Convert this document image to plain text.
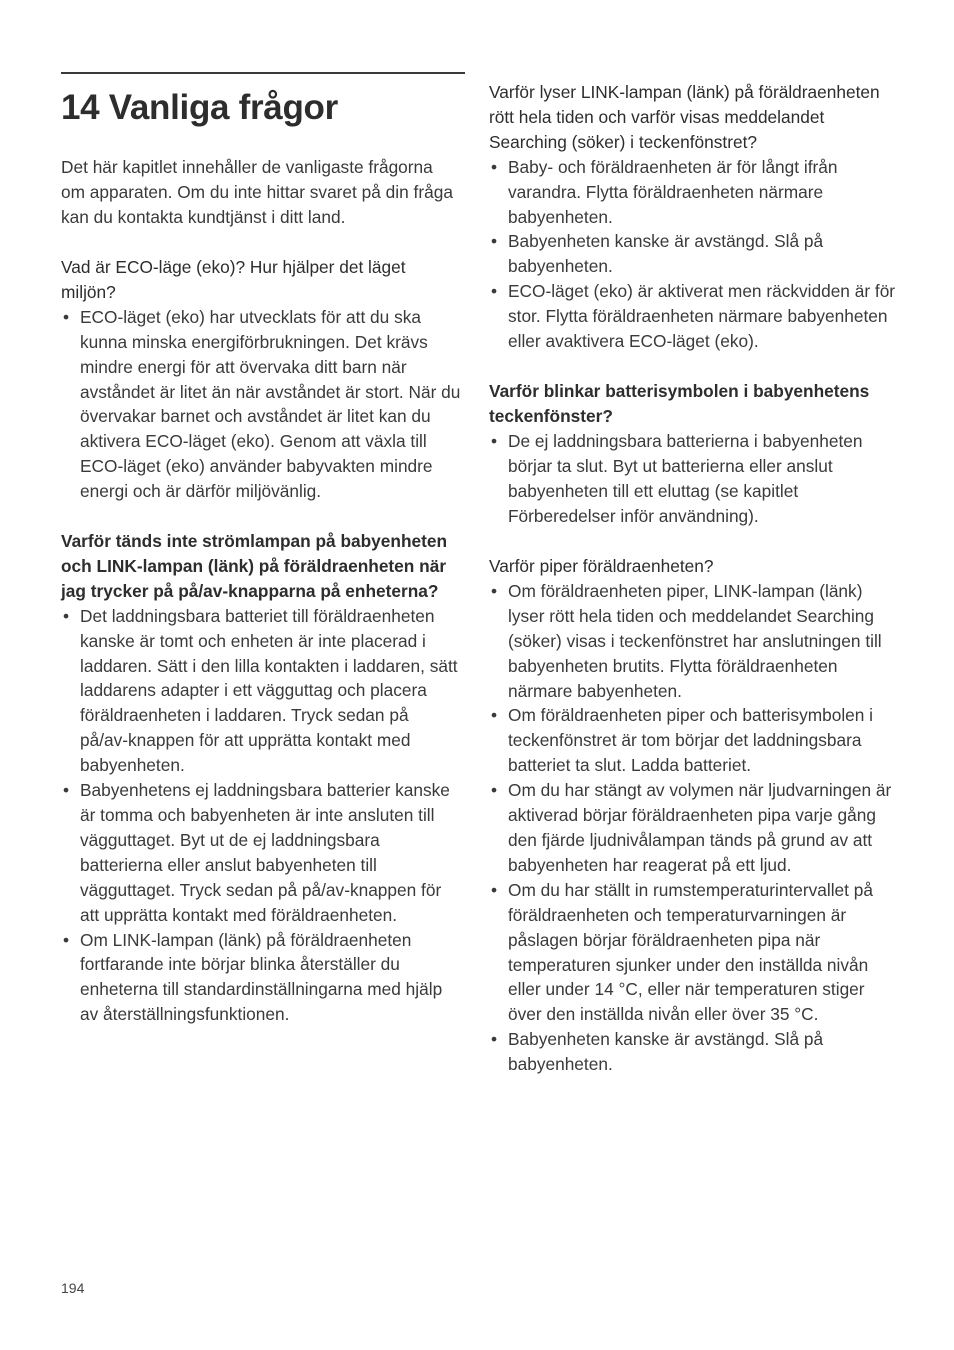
14 Vanliga frågor

Det här kapitlet innehåller de vanligaste frågorna om apparaten. Om du inte hittar svaret på din fråga kan du kontakta kundtjänst i ditt land.

Vad är ECO-läge (eko)? Hur hjälper det läget miljön?

• ECO-läget (eko) har utvecklats för att du ska kunna minska energiförbrukningen. Det krävs mindre energi för att övervaka ditt barn när avståndet är litet än när avståndet är stort. När du övervakar barnet och avståndet är litet kan du aktivera ECO-läget (eko). Genom att växla till ECO-läget (eko) använder babyvakten mindre energi och är därför miljövänlig.

Varför tänds inte strömlampan på babyenheten och LINK-lampan (länk) på föräldraenheten när jag trycker på på/av-knapparna på enheterna?

• Det laddningsbara batteriet till föräldraenheten kanske är tomt och enheten är inte placerad i laddaren. Sätt i den lilla kontakten i laddaren, sätt laddarens adapter i ett vägguttag och placera föräldraenheten i laddaren. Tryck sedan på på/av-knappen för att upprätta kontakt med babyenheten.
• Babyenhetens ej laddningsbara batterier kanske är tomma och babyenheten är inte ansluten till vägguttaget. Byt ut de ej laddningsbara batterierna eller anslut babyenheten till vägguttaget. Tryck sedan på på/av-knappen för att upprätta kontakt med föräldraenheten.
• Om LINK-lampan (länk) på föräldraenheten fortfarande inte börjar blinka återställer du enheterna till standardinställningarna med hjälp av återställningsfunktionen.

Varför lyser LINK-lampan (länk) på föräldraenheten rött hela tiden och varför visas meddelandet Searching (söker) i teckenfönstret?

• Baby- och föräldraenheten är för långt ifrån varandra. Flytta föräldraenheten närmare babyenheten.
• Babyenheten kanske är avstängd. Slå på babyenheten.
• ECO-läget (eko) är aktiverat men räckvidden är för stor. Flytta föräldraenheten närmare babyenheten eller avaktivera ECO-läget (eko).

Varför blinkar batterisymbolen i babyenhetens teckenfönster?

• De ej laddningsbara batterierna i babyenheten börjar ta slut. Byt ut batterierna eller anslut babyenheten till ett eluttag (se kapitlet Förberedelser inför användning).

Varför piper föräldraenheten?

• Om föräldraenheten piper, LINK-lampan (länk) lyser rött hela tiden och meddelandet Searching (söker) visas i teckenfönstret har anslutningen till babyenheten brutits. Flytta föräldraenheten närmare babyenheten.
• Om föräldraenheten piper och batterisymbolen i teckenfönstret är tom börjar det laddningsbara batteriet ta slut. Ladda batteriet.
• Om du har stängt av volymen när ljudvarningen är aktiverad börjar föräldraenheten pipa varje gång den fjärde ljudnivålampan tänds på grund av att babyenheten har reagerat på ett ljud.
• Om du har ställt in rumstemperaturintervallet på föräldraenheten och temperaturvarningen är påslagen börjar föräldraenheten pipa när temperaturen sjunker under den inställda nivån eller under 14 °C, eller när temperaturen stiger över den inställda nivån eller över 35 °C.
• Babyenheten kanske är avstängd. Slå på babyenheten.
194
